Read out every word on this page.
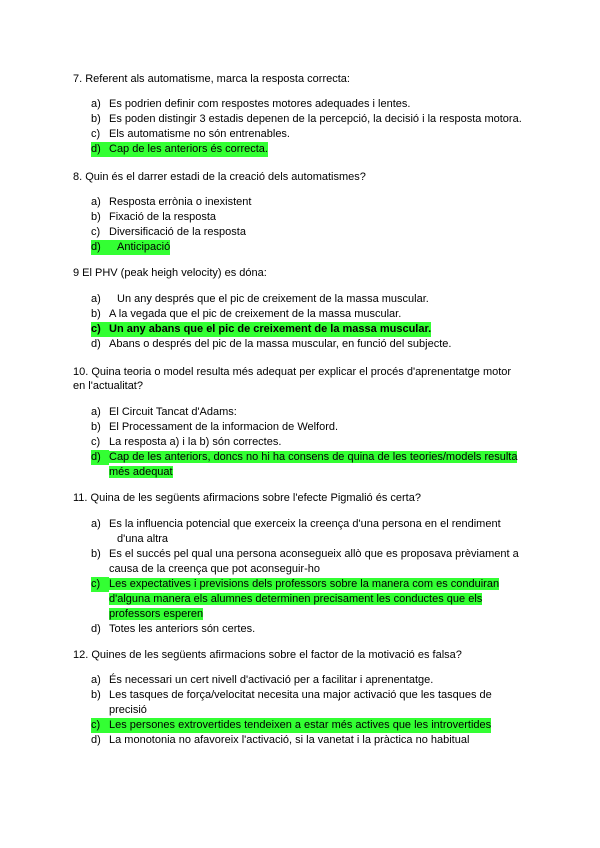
7. Referent als automatisme, marca la resposta correcta:
a) Es podrien definir com respostes motores adequades i lentes.
b) Es poden distingir 3 estadis depenen de la percepció, la decisió i la resposta motora.
c) Els automatisme no són entrenables.
d) Cap de les anteriors és correcta.
8. Quin és el darrer estadi de la creació dels automatismes?
a) Resposta errònia o inexistent
b) Fixació de la resposta
c) Diversificació de la resposta
d)	Anticipació
9 El PHV (peak heigh velocity) es dóna:
a)	Un any després que el pic de creixement de la massa muscular.
b) A la vegada que el pic de creixement de la massa muscular.
c) Un any abans que el pic de creixement de la massa muscular.
d) Abans o després del pic de la massa muscular, en funció del subjecte.
10. Quina teoria o model resulta més adequat per explicar el procés d'aprenentatge motor
en l'actualitat?
a) El Circuit Tancat d'Adams:
b) El Processament de la informacion de Welford.
c) La resposta a) i la b) són correctes.
d) Cap de les anteriors, doncs no hi ha consens de quina de les teories/models resulta
més adequat
11. Quina de les següents afirmacions sobre l'efecte Pigmalió és certa?
a) Es la influencia potencial que exerceix la creença d'una persona en el rendiment
d'una altra
b) Es el succés pel qual una persona aconsegueix allò que es proposava prèviament a
causa de la creença que pot aconseguir-ho
c) Les expectatives i previsions dels professors sobre la manera com es conduiran
d'alguna manera els alumnes determinen precisament les conductes que els
professors esperen
d) Totes les anteriors són certes.
12. Quines de les següents afirmacions sobre el factor de la motivació es falsa?
a) És necessari un cert nivell d'activació per a facilitar i aprenentatge.
b) Les tasques de força/velocitat necesita una major activació que les tasques de
precisió
c) Les persones extrovertides tendeixen a estar més actives que les introvertides
d) La monotonia no afavoreix l'activació, si la vanetat i la pràctica no habitual
